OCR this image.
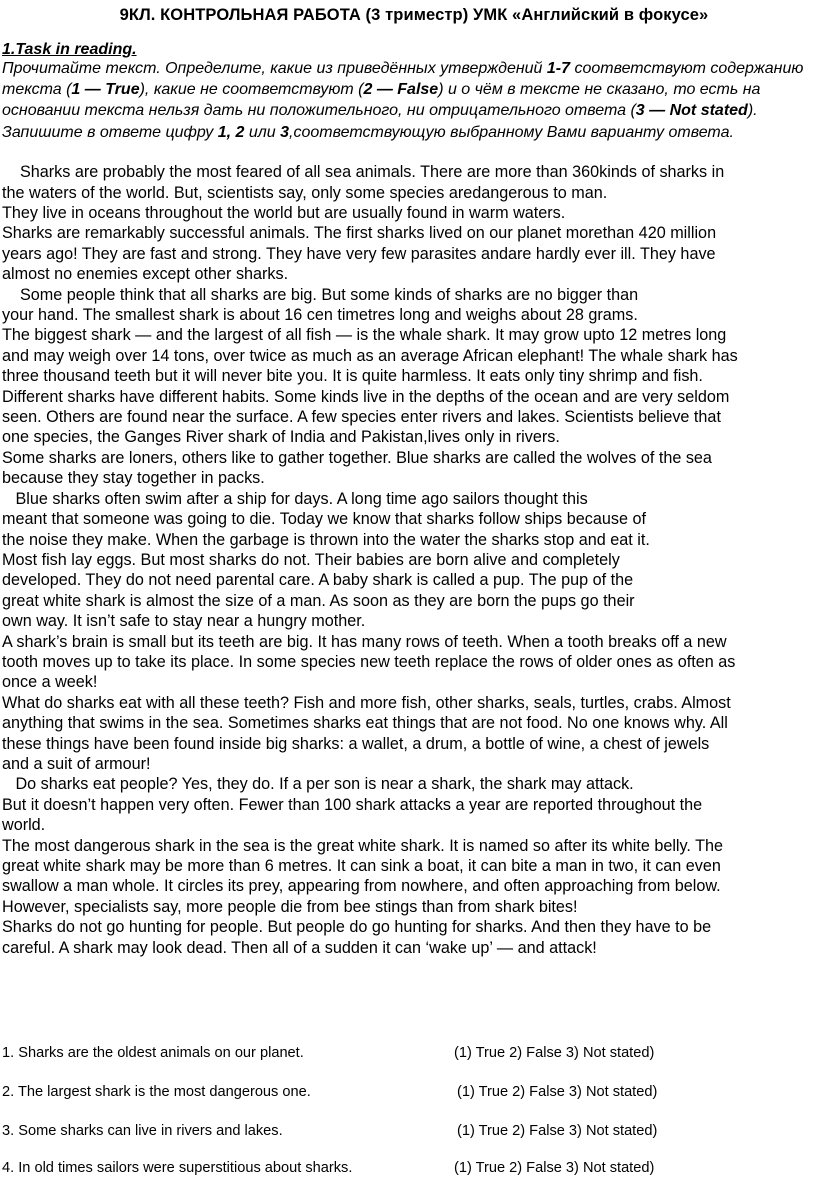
9КЛ. КОНТРОЛЬНАЯ РАБОТА (3 триместр) УМК «Английский в фокусе»
1.Task in reading.
Прочитайте текст. Определите, какие из приведённых утверждений 1-7 соответствуют содержанию текста (1 — True), какие не соответствуют (2 — False) и о чём в тексте не сказано, то есть на основании текста нельзя дать ни положительного, ни отрицательного ответа (3 — Not stated).
Запишите в ответе цифру 1, 2 или 3,соответствующую выбранному Вами варианту ответа.
Sharks are probably the most feared of all sea animals. There are more than 360kinds of sharks in
the waters of the world. But, scientists say, only some species aredangerous to man.
They live in oceans throughout the world but are usually found in warm waters.
Sharks are remarkably successful animals. The first sharks lived on our planet morethan 420 million
years ago! They are fast and strong. They have very few parasites andare hardly ever ill. They have
almost no enemies except other sharks.
Some people think that all sharks are big. But some kinds of sharks are no bigger than
your hand. The smallest shark is about 16 cen timetres long and weighs about 28 grams.
The biggest shark — and the largest of all fish — is the whale shark. It may grow upto 12 metres long
and may weigh over 14 tons, over twice as much as an average African elephant! The whale shark has
three thousand teeth but it will never bite you. It is quite harmless. It eats only tiny shrimp and fish.
Different sharks have different habits. Some kinds live in the depths of the ocean and are very seldom
seen. Others are found near the surface. A few species enter rivers and lakes. Scientists believe that
one species, the Ganges River shark of India and Pakistan,lives only in rivers.
Some sharks are loners, others like to gather together. Blue sharks are called the wolves of the sea
because they stay together in packs.
Blue sharks often swim after a ship for days. A long time ago sailors thought this
meant that someone was going to die. Today we know that sharks follow ships because of
the noise they make. When the garbage is thrown into the water the sharks stop and eat it.
Most fish lay eggs. But most sharks do not. Their babies are born alive and completely
developed. They do not need parental care. A baby shark is called a pup. The pup of the
great white shark is almost the size of a man. As soon as they are born the pups go their
own way. It isn’t safe to stay near a hungry mother.
A shark’s brain is small but its teeth are big. It has many rows of teeth. When a tooth breaks off a new
tooth moves up to take its place. In some species new teeth replace the rows of older ones as often as
once a week!
What do sharks eat with all these teeth? Fish and more fish, other sharks, seals, turtles, crabs. Almost
anything that swims in the sea. Sometimes sharks eat things that are not food. No one knows why. All
these things have been found inside big sharks: a wallet, a drum, a bottle of wine, a chest of jewels
and a suit of armour!
Do sharks eat people? Yes, they do. If a per son is near a shark, the shark may attack.
But it doesn’t happen very often. Fewer than 100 shark attacks a year are reported throughout the
world.
The most dangerous shark in the sea is the great white shark. It is named so after its white belly. The
great white shark may be more than 6 metres. It can sink a boat, it can bite a man in two, it can even
swallow a man whole. It circles its prey, appearing from nowhere, and often approaching from below.
However, specialists say, more people die from bee stings than from shark bites!
Sharks do not go hunting for people. But people do go hunting for sharks. And then they have to be
careful. A shark may look dead. Then all of a sudden it can ‘wake up’ — and attack!
1. Sharks are the oldest animals on our planet.	(1) True 2) False 3) Not stated)
2. The largest shark is the most dangerous one.	(1) True 2) False 3) Not stated)
3. Some sharks can live in rivers and lakes.	(1) True 2) False 3) Not stated)
4. In old times sailors were superstitious about sharks.	(1) True 2) False 3) Not stated)
